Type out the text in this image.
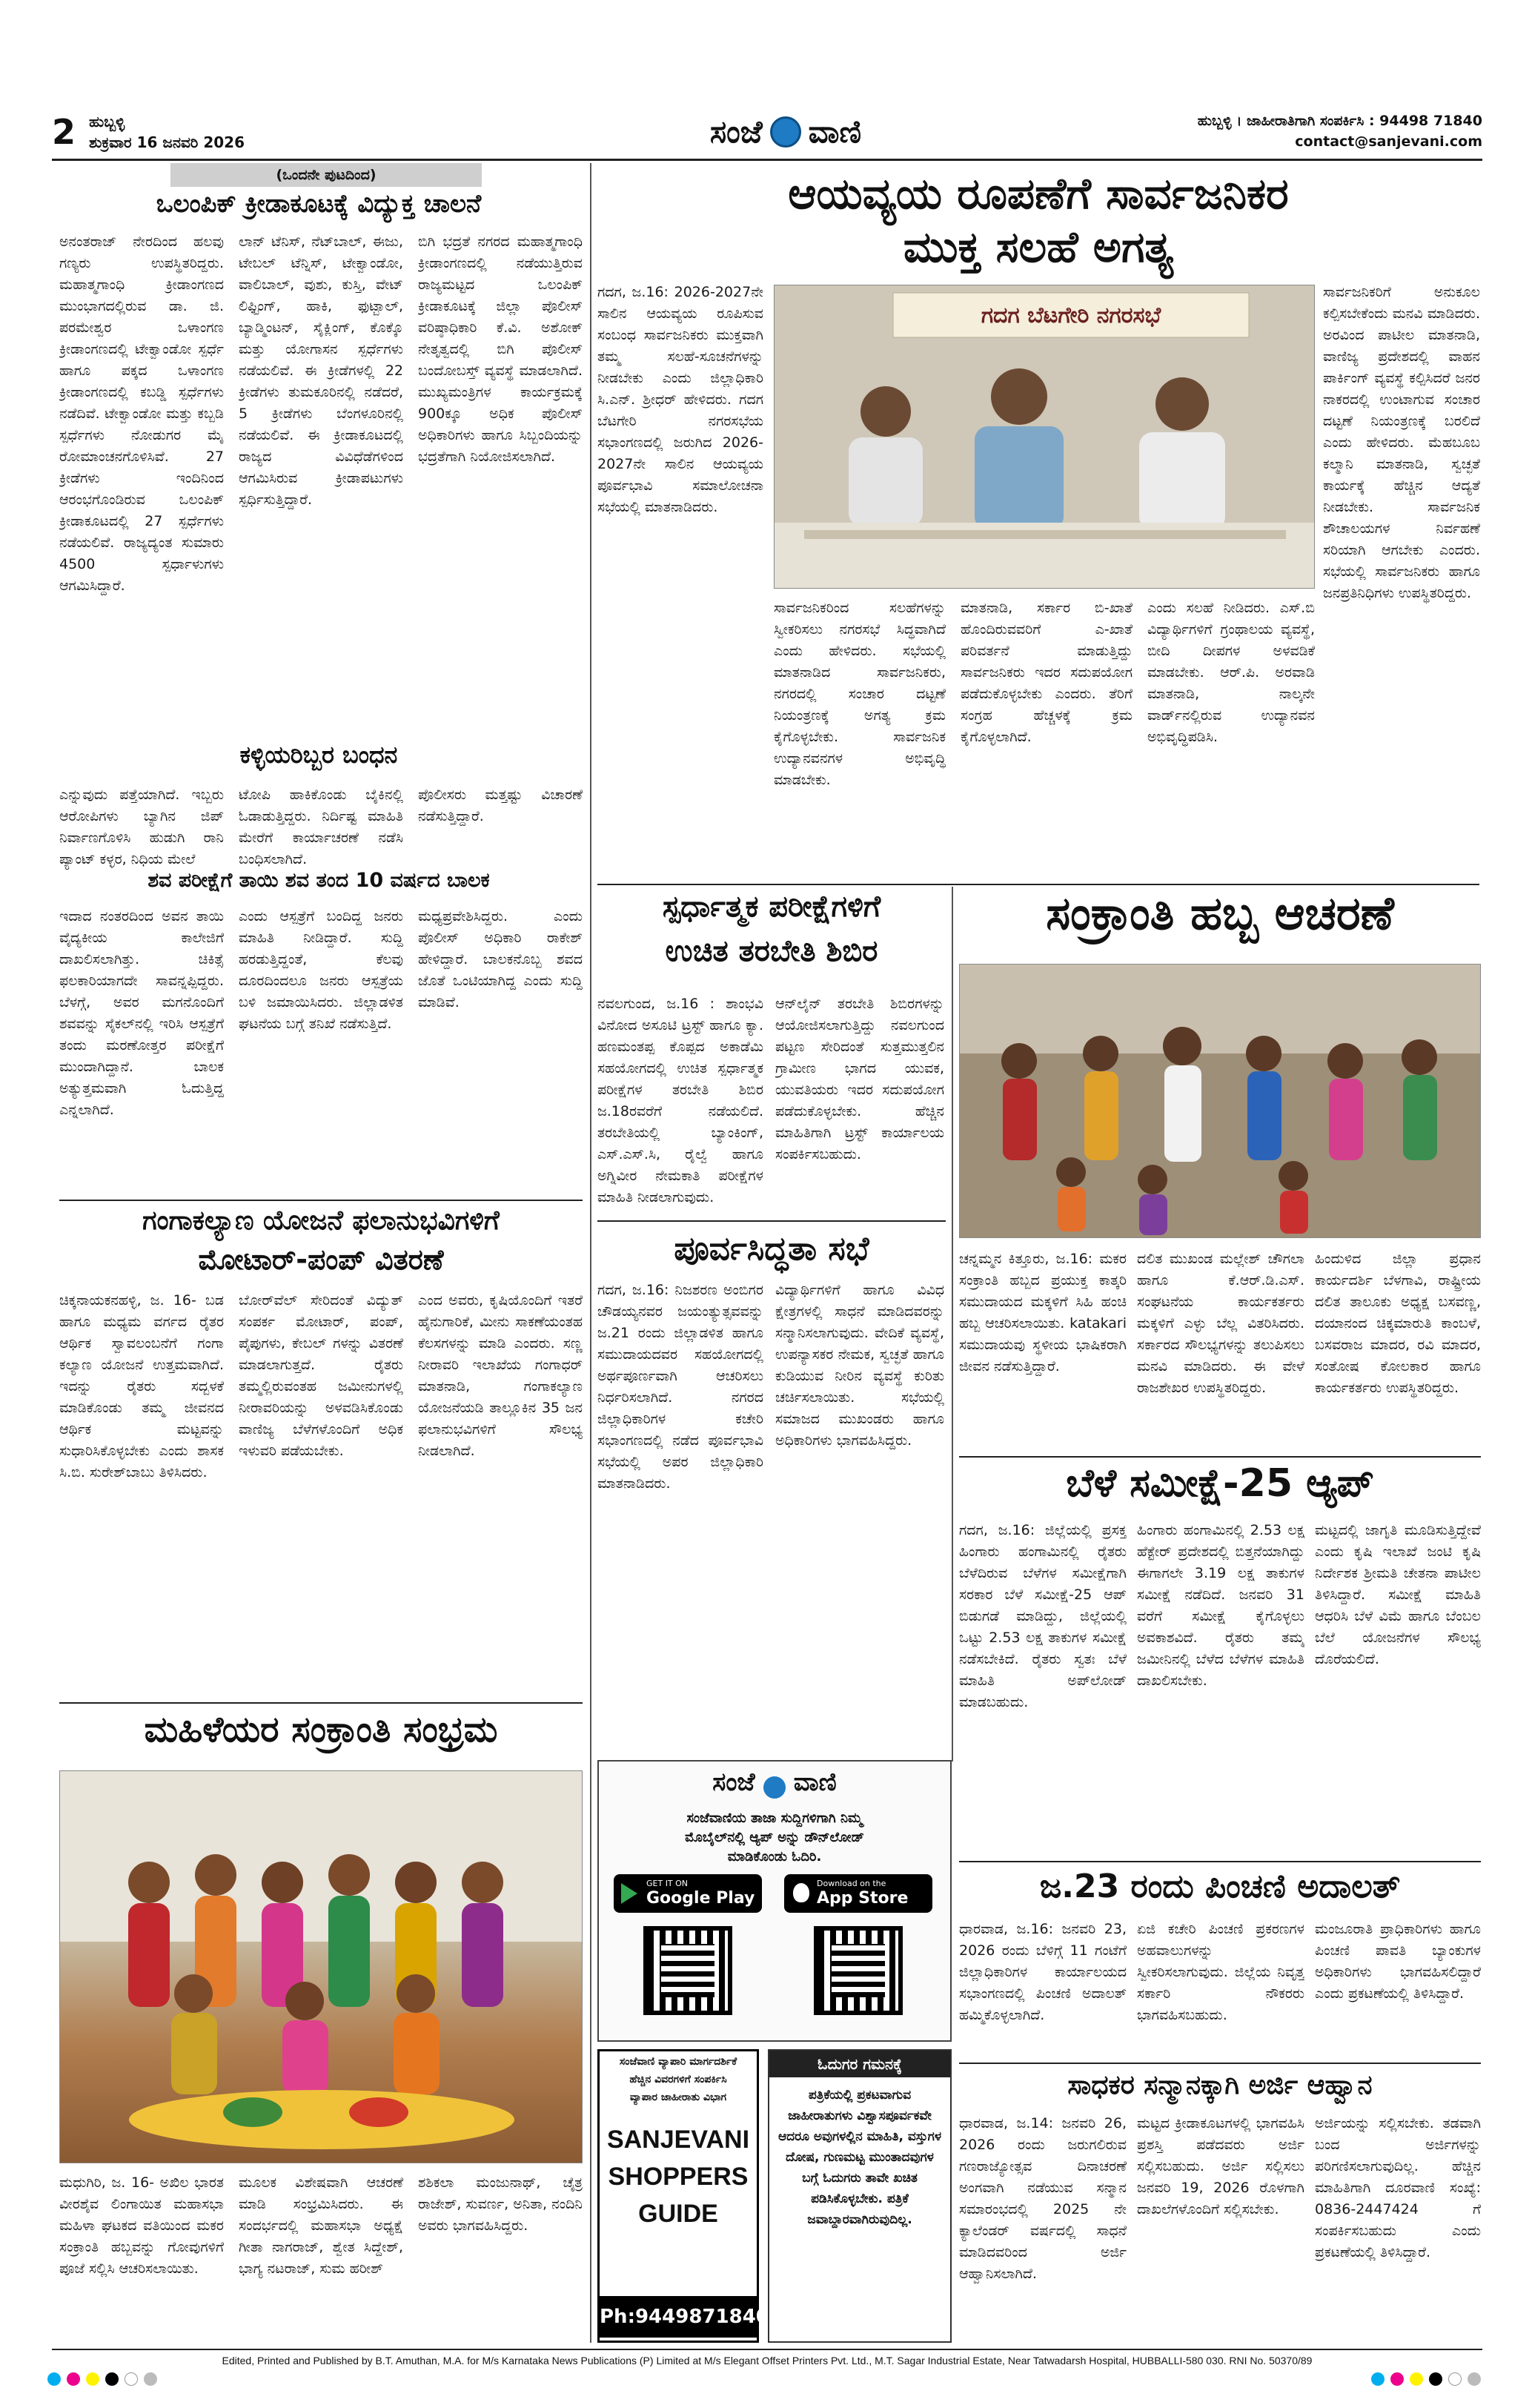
2 ಹುಬ್ಬಳ್ಳಿ
ಶುಕ್ರವಾರ 16 ಜನವರಿ 2026	ಸಂಜೆ ವಾಣಿ	ಹುಬ್ಬಳ್ಳಿ । ಜಾಹೀರಾತಿಗಾಗಿ ಸಂಪರ್ಕಿಸಿ : 94498 71840
contact@sanjevani.com
(ಒಂದನೇ ಪುಟದಿಂದ)
ಒಲಂಪಿಕ್ ಕ್ರೀಡಾಕೂಟಕ್ಕೆ ವಿದ್ಯುಕ್ತ ಚಾಲನೆ
ಅನಂತರಾಜ್ ನೇರದಿಂದ ಹಲವು ಗಣ್ಯರು ಉಪಸ್ಥಿತರಿದ್ದರು. ಮಹಾತ್ಮಗಾಂಧಿ ಕ್ರೀಡಾಂಗಣದ ಮುಂಭಾಗದಲ್ಲಿರುವ ಡಾ. ಜಿ. ಪರಮೇಶ್ವರ ಒಳಾಂಗಣ ಕ್ರೀಡಾಂಗಣದಲ್ಲಿ ಟೇಕ್ವಾಂಡೋ ಸ್ಪರ್ಧೆ ಹಾಗೂ ಪಕ್ಕದ ಒಳಾಂಗಣ ಕ್ರೀಡಾಂಗಣದಲ್ಲಿ ಕಬಡ್ಡಿ ಸ್ಪರ್ಧೆಗಳು ನಡೆದಿವೆ. ಟೇಕ್ವಾಂಡೋ ಮತ್ತು ಕಬ್ಬಡಿ ಸ್ಪರ್ಧೆಗಳು ನೋಡುಗರ ಮೈ ರೋಮಾಂಚನಗೊಳಿಸಿವೆ. 27 ಕ್ರೀಡೆಗಳು ಇಂದಿನಿಂದ ಆರಂಭಗೊಂಡಿರುವ ಒಲಂಪಿಕ್ ಕ್ರೀಡಾಕೂಟದಲ್ಲಿ 27 ಸ್ಪರ್ಧೆಗಳು ನಡೆಯಲಿವೆ. ರಾಜ್ಯದ್ಯಂತ ಸುಮಾರು 4500 ಸ್ಪರ್ಧಾಳುಗಳು ಆಗಮಿಸಿದ್ದಾರೆ.
ಲಾನ್ ಟೆನಿಸ್, ನೆಟ್‌ಬಾಲ್, ಈಜು, ಟೇಬಲ್ ಟೆನ್ನಿಸ್, ಟೇಕ್ವಾಂಡೋ, ವಾಲಿಬಾಲ್, ವುಶು, ಕುಸ್ತಿ, ವೇಟ್ ಲಿಫ್ಟಿಂಗ್, ಹಾಕಿ, ಫುಟ್ಬಾಲ್, ಬ್ಯಾಡ್ಮಿಂಟನ್, ಸೈಕ್ಲಿಂಗ್, ಕೊಕ್ಕೊ ಮತ್ತು ಯೋಗಾಸನ ಸ್ಪರ್ಧೆಗಳು ನಡೆಯಲಿವೆ. ಈ ಕ್ರೀಡೆಗಳಲ್ಲಿ 22 ಕ್ರೀಡೆಗಳು ತುಮಕೂರಿನಲ್ಲಿ ನಡೆದರೆ, 5 ಕ್ರೀಡೆಗಳು ಬೆಂಗಳೂರಿನಲ್ಲಿ ನಡೆಯಲಿವೆ. ಈ ಕ್ರೀಡಾಕೂಟದಲ್ಲಿ ರಾಜ್ಯದ ವಿವಿಧೆಡೆಗಳಿಂದ ಆಗಮಿಸಿರುವ ಕ್ರೀಡಾಪಟುಗಳು ಸ್ಪರ್ಧಿಸುತ್ತಿದ್ದಾರೆ.
ಬಿಗಿ ಭದ್ರತೆ ನಗರದ ಮಹಾತ್ಮಗಾಂಧಿ ಕ್ರೀಡಾಂಗಣದಲ್ಲಿ ನಡೆಯುತ್ತಿರುವ ರಾಜ್ಯಮಟ್ಟದ ಒಲಂಪಿಕ್ ಕ್ರೀಡಾಕೂಟಕ್ಕೆ ಜಿಲ್ಲಾ ಪೊಲೀಸ್ ವರಿಷ್ಠಾಧಿಕಾರಿ ಕೆ.ವಿ. ಅಶೋಕ್ ನೇತೃತ್ವದಲ್ಲಿ ಬಿಗಿ ಪೊಲೀಸ್ ಬಂದೋಬಸ್ತ್ ವ್ಯವಸ್ಥೆ ಮಾಡಲಾಗಿದೆ. ಮುಖ್ಯಮಂತ್ರಿಗಳ ಕಾರ್ಯಕ್ರಮಕ್ಕೆ 900ಕ್ಕೂ ಅಧಿಕ ಪೊಲೀಸ್ ಅಧಿಕಾರಿಗಳು ಹಾಗೂ ಸಿಬ್ಬಂದಿಯನ್ನು ಭದ್ರತೆಗಾಗಿ ನಿಯೋಜಿಸಲಾಗಿದೆ.
ಕಳ್ಳಿಯರಿಬ್ಬರ ಬಂಧನ
ಎನ್ನುವುದು ಪತ್ತೆಯಾಗಿದೆ. ಇಬ್ಬರು ಆರೋಪಿಗಳು ಬ್ಯಾಗಿನ ಜಿಪ್ ನಿರ್ವಾಣಗೊಳಿಸಿ ಹುಡುಗಿ ರಾನಿ ಪ್ಯಾಂಟ್ ಕಳ್ಳರ, ನಿಧಿಯ ಮೇಲೆ
ಟೋಪಿ ಹಾಕಿಕೊಂಡು ಬೈಕಿನಲ್ಲಿ ಓಡಾಡುತ್ತಿದ್ದರು. ನಿರ್ದಿಷ್ಟ ಮಾಹಿತಿ ಮೇರೆಗೆ ಕಾರ್ಯಾಚರಣೆ ನಡೆಸಿ ಬಂಧಿಸಲಾಗಿದೆ.
ಪೊಲೀಸರು ಮತ್ತಷ್ಟು ವಿಚಾರಣೆ ನಡೆಸುತ್ತಿದ್ದಾರೆ.
ಶವ ಪರೀಕ್ಷೆಗೆ ತಾಯಿ ಶವ ತಂದ 10 ವರ್ಷದ ಬಾಲಕ
ಇದಾದ ನಂತರದಿಂದ ಅವನ ತಾಯಿ ವೈದ್ಯಕೀಯ ಕಾಲೇಜಿಗೆ ದಾಖಲಿಸಲಾಗಿತ್ತು. ಚಿಕಿತ್ಸೆ ಫಲಕಾರಿಯಾಗದೇ ಸಾವನ್ನಪ್ಪಿದ್ದರು. ಬೆಳಗ್ಗೆ, ಅವರ ಮಗನೊಂದಿಗೆ ಶವವನ್ನು ಸೈಕಲ್‌ನಲ್ಲಿ ಇರಿಸಿ ಆಸ್ಪತ್ರೆಗೆ ತಂದು ಮರಣೋತ್ತರ ಪರೀಕ್ಷೆಗೆ ಮುಂದಾಗಿದ್ದಾನೆ. ಬಾಲಕ ಅತ್ಯುತ್ತಮವಾಗಿ ಓದುತ್ತಿದ್ದ ಎನ್ನಲಾಗಿದೆ.
ಎಂದು ಆಸ್ಪತ್ರೆಗೆ ಬಂದಿದ್ದ ಜನರು ಮಾಹಿತಿ ನೀಡಿದ್ದಾರೆ. ಸುದ್ದಿ ಹರಡುತ್ತಿದ್ದಂತೆ, ಕೆಲವು ದೂರದಿಂದಲೂ ಜನರು ಆಸ್ಪತ್ರೆಯ ಬಳಿ ಜಮಾಯಿಸಿದರು. ಜಿಲ್ಲಾಡಳಿತ ಘಟನೆಯ ಬಗ್ಗೆ ತನಿಖೆ ನಡೆಸುತ್ತಿದೆ.
ಮಧ್ಯಪ್ರವೇಶಿಸಿದ್ದರು. ಎಂದು ಪೊಲೀಸ್ ಅಧಿಕಾರಿ ರಾಕೇಶ್ ಹೇಳಿದ್ದಾರೆ. ಬಾಲಕನೊಬ್ಬ ಶವದ ಜೊತೆ ಒಂಟಿಯಾಗಿದ್ದ ಎಂದು ಸುದ್ದಿ ಮಾಡಿವೆ.
ಗಂಗಾಕಲ್ಯಾಣ ಯೋಜನೆ ಫಲಾನುಭವಿಗಳಿಗೆ
ಮೋಟಾರ್-ಪಂಪ್ ವಿತರಣೆ
ಚಿಕ್ಕನಾಯಕನಹಳ್ಳಿ, ಜ. 16- ಬಡ ಹಾಗೂ ಮಧ್ಯಮ ವರ್ಗದ ರೈತರ ಆರ್ಥಿಕ ಸ್ವಾವಲಂಬನೆಗೆ ಗಂಗಾ ಕಲ್ಯಾಣ ಯೋಜನೆ ಉತ್ತಮವಾಗಿದೆ. ಇದನ್ನು ರೈತರು ಸದ್ಬಳಕೆ ಮಾಡಿಕೊಂಡು ತಮ್ಮ ಜೀವನದ ಆರ್ಥಿಕ ಮಟ್ಟವನ್ನು ಸುಧಾರಿಸಿಕೊಳ್ಳಬೇಕು ಎಂದು ಶಾಸಕ ಸಿ.ಬಿ. ಸುರೇಶ್‌ಬಾಬು ತಿಳಿಸಿದರು.
ಬೋರ್‌ವೆಲ್ ಸೇರಿದಂತೆ ವಿದ್ಯುತ್ ಸಂಪರ್ಕ ಮೋಟಾರ್, ಪಂಪ್, ಪೈಪುಗಳು, ಕೇಬಲ್ ಗಳನ್ನು ವಿತರಣೆ ಮಾಡಲಾಗುತ್ತದೆ. ರೈತರು ತಮ್ಮಲ್ಲಿರುವಂತಹ ಜಮೀನುಗಳಲ್ಲಿ ನೀರಾವರಿಯನ್ನು ಅಳವಡಿಸಿಕೊಂಡು ವಾಣಿಜ್ಯ ಬೆಳೆಗಳೊಂದಿಗೆ ಅಧಿಕ ಇಳುವರಿ ಪಡೆಯಬೇಕು.
ಎಂದ ಅವರು, ಕೃಷಿಯೊಂದಿಗೆ ಇತರೆ ಹೈನುಗಾರಿಕೆ, ಮೀನು ಸಾಕಣೆಯಂತಹ ಕೆಲಸಗಳನ್ನು ಮಾಡಿ ಎಂದರು. ಸಣ್ಣ ನೀರಾವರಿ ಇಲಾಖೆಯ ಗಂಗಾಧರ್ ಮಾತನಾಡಿ, ಗಂಗಾಕಲ್ಯಾಣ ಯೋಜನೆಯಡಿ ತಾಲ್ಲೂಕಿನ 35 ಜನ ಫಲಾನುಭವಿಗಳಿಗೆ ಸೌಲಭ್ಯ ನೀಡಲಾಗಿದೆ.
ಮಹಿಳೆಯರ ಸಂಕ್ರಾಂತಿ ಸಂಭ್ರಮ
ಮಧುಗಿರಿ, ಜ. 16- ಅಖಿಲ ಭಾರತ ವೀರಶೈವ ಲಿಂಗಾಯಿತ ಮಹಾಸಭಾ ಮಹಿಳಾ ಘಟಕದ ವತಿಯಿಂದ ಮಕರ ಸಂಕ್ರಾಂತಿ ಹಬ್ಬವನ್ನು ಗೋವುಗಳಿಗೆ ಪೂಜೆ ಸಲ್ಲಿಸಿ ಆಚರಿಸಲಾಯಿತು.
ಮೂಲಕ ವಿಶೇಷವಾಗಿ ಆಚರಣೆ ಮಾಡಿ ಸಂಭ್ರಮಿಸಿದರು. ಈ ಸಂದರ್ಭದಲ್ಲಿ ಮಹಾಸಭಾ ಅಧ್ಯಕ್ಷೆ ಗೀತಾ ನಾಗರಾಜ್, ಶ್ವೇತ ಸಿದ್ದೇಶ್, ಭಾಗ್ಯ ನಟರಾಜ್, ಸುಮ ಹರೀಶ್
ಶಶಿಕಲಾ ಮಂಜುನಾಥ್, ಚೈತ್ರ ರಾಜೇಶ್, ಸುವರ್ಣ, ಅನಿತಾ, ನಂದಿನಿ ಅವರು ಭಾಗವಹಿಸಿದ್ದರು.
ಆಯವ್ಯಯ ರೂಪಣೆಗೆ ಸಾರ್ವಜನಿಕರ
ಮುಕ್ತ ಸಲಹೆ ಅಗತ್ಯ
ಗದಗ, ಜ.16: 2026-2027ನೇ ಸಾಲಿನ ಆಯವ್ಯಯ ರೂಪಿಸುವ ಸಂಬಂಧ ಸಾರ್ವಜನಿಕರು ಮುಕ್ತವಾಗಿ ತಮ್ಮ ಸಲಹೆ-ಸೂಚನೆಗಳನ್ನು ನೀಡಬೇಕು ಎಂದು ಜಿಲ್ಲಾಧಿಕಾರಿ ಸಿ.ಎನ್. ಶ್ರೀಧರ್ ಹೇಳಿದರು. ಗದಗ ಬೆಟಗೇರಿ ನಗರಸಭೆಯ ಸಭಾಂಗಣದಲ್ಲಿ ಜರುಗಿದ 2026-2027ನೇ ಸಾಲಿನ ಆಯವ್ಯಯ ಪೂರ್ವಭಾವಿ ಸಮಾಲೋಚನಾ ಸಭೆಯಲ್ಲಿ ಮಾತನಾಡಿದರು.
ಗದಗ ಬೆಟಗೇರಿ ನಗರಸಭೆ
ಸಾರ್ವಜನಿಕರಿಗೆ ಅನುಕೂಲ ಕಲ್ಪಿಸಬೇಕೆಂದು ಮನವಿ ಮಾಡಿದರು. ಅರವಿಂದ ಪಾಟೀಲ ಮಾತನಾಡಿ, ವಾಣಿಜ್ಯ ಪ್ರದೇಶದಲ್ಲಿ ವಾಹನ ಪಾರ್ಕಿಂಗ್ ವ್ಯವಸ್ಥೆ ಕಲ್ಪಿಸಿದರೆ ಜನರ ನಾಕರದಲ್ಲಿ ಉಂಟಾಗುವ ಸಂಚಾರ ದಟ್ಟಣೆ ನಿಯಂತ್ರಣಕ್ಕೆ ಬರಲಿದೆ ಎಂದು ಹೇಳಿದರು. ಮೆಹಬೂಬ ಕಲ್ಮಾನಿ ಮಾತನಾಡಿ, ಸ್ವಚ್ಛತೆ ಕಾರ್ಯಕ್ಕೆ ಹೆಚ್ಚಿನ ಆದ್ಯತೆ ನೀಡಬೇಕು. ಸಾರ್ವಜನಿಕ ಶೌಚಾಲಯಗಳ ನಿರ್ವಹಣೆ ಸರಿಯಾಗಿ ಆಗಬೇಕು ಎಂದರು. ಸಭೆಯಲ್ಲಿ ಸಾರ್ವಜನಿಕರು ಹಾಗೂ ಜನಪ್ರತಿನಿಧಿಗಳು ಉಪಸ್ಥಿತರಿದ್ದರು.
ಸಾರ್ವಜನಿಕರಿಂದ ಸಲಹೆಗಳನ್ನು ಸ್ವೀಕರಿಸಲು ನಗರಸಭೆ ಸಿದ್ಧವಾಗಿದೆ ಎಂದು ಹೇಳಿದರು. ಸಭೆಯಲ್ಲಿ ಮಾತನಾಡಿದ ಸಾರ್ವಜನಿಕರು, ನಗರದಲ್ಲಿ ಸಂಚಾರ ದಟ್ಟಣೆ ನಿಯಂತ್ರಣಕ್ಕೆ ಅಗತ್ಯ ಕ್ರಮ ಕೈಗೊಳ್ಳಬೇಕು. ಸಾರ್ವಜನಿಕ ಉದ್ಯಾನವನಗಳ ಅಭಿವೃದ್ಧಿ ಮಾಡಬೇಕು.
ಮಾತನಾಡಿ, ಸರ್ಕಾರ ಬಿ-ಖಾತೆ ಹೊಂದಿರುವವರಿಗೆ ಎ-ಖಾತೆ ಪರಿವರ್ತನೆ ಮಾಡುತ್ತಿದ್ದು ಸಾರ್ವಜನಿಕರು ಇದರ ಸದುಪಯೋಗ ಪಡೆದುಕೊಳ್ಳಬೇಕು ಎಂದರು. ತೆರಿಗೆ ಸಂಗ್ರಹ ಹೆಚ್ಚಳಕ್ಕೆ ಕ್ರಮ ಕೈಗೊಳ್ಳಲಾಗಿದೆ.
ಎಂದು ಸಲಹೆ ನೀಡಿದರು. ಎಸ್.ಬಿ ವಿದ್ಯಾರ್ಥಿಗಳಿಗೆ ಗ್ರಂಥಾಲಯ ವ್ಯವಸ್ಥೆ, ಬೀದಿ ದೀಪಗಳ ಅಳವಡಿಕೆ ಮಾಡಬೇಕು. ಆರ್.ಪಿ. ಅರವಾಡಿ ಮಾತನಾಡಿ, ನಾಲ್ಕನೇ ವಾರ್ಡ್‌ನಲ್ಲಿರುವ ಉದ್ಯಾನವನ ಅಭಿವೃದ್ಧಿಪಡಿಸಿ.
ಸ್ಪರ್ಧಾತ್ಮಕ ಪರೀಕ್ಷೆಗಳಿಗೆ
ಉಚಿತ ತರಬೇತಿ ಶಿಬಿರ
ನವಲಗುಂದ, ಜ.16 : ಶಾಂಭವಿ ವಿನೋದ ಅಸೂಟಿ ಟ್ರಸ್ಟ್ ಹಾಗೂ ಕ್ಯಾ. ಹಣಮಂತಪ್ಪ ಕೊಪ್ಪದ ಅಕಾಡೆಮಿ ಸಹಯೋಗದಲ್ಲಿ ಉಚಿತ ಸ್ಪರ್ಧಾತ್ಮಕ ಪರೀಕ್ಷೆಗಳ ತರಬೇತಿ ಶಿಬಿರ ಜ.18ರವರೆಗೆ ನಡೆಯಲಿದೆ. ತರಬೇತಿಯಲ್ಲಿ ಬ್ಯಾಂಕಿಂಗ್, ಎಸ್.ಎಸ್.ಸಿ, ರೈಲ್ವೆ ಹಾಗೂ ಅಗ್ನಿವೀರ ನೇಮಕಾತಿ ಪರೀಕ್ಷೆಗಳ ಮಾಹಿತಿ ನೀಡಲಾಗುವುದು.
ಆನ್‌ಲೈನ್ ತರಬೇತಿ ಶಿಬಿರಗಳನ್ನು ಆಯೋಜಿಸಲಾಗುತ್ತಿದ್ದು ನವಲಗುಂದ ಪಟ್ಟಣ ಸೇರಿದಂತೆ ಸುತ್ತಮುತ್ತಲಿನ ಗ್ರಾಮೀಣ ಭಾಗದ ಯುವಕ, ಯುವತಿಯರು ಇದರ ಸದುಪಯೋಗ ಪಡೆದುಕೊಳ್ಳಬೇಕು. ಹೆಚ್ಚಿನ ಮಾಹಿತಿಗಾಗಿ ಟ್ರಸ್ಟ್ ಕಾರ್ಯಾಲಯ ಸಂಪರ್ಕಿಸಬಹುದು.
ಪೂರ್ವಸಿದ್ಧತಾ ಸಭೆ
ಗದಗ, ಜ.16: ನಿಜಶರಣ ಅಂಬಿಗರ ಚೌಡಯ್ಯನವರ ಜಯಂತ್ಯುತ್ಸವವನ್ನು ಜ.21 ರಂದು ಜಿಲ್ಲಾಡಳಿತ ಹಾಗೂ ಸಮುದಾಯದವರ ಸಹಯೋಗದಲ್ಲಿ ಅರ್ಥಪೂರ್ಣವಾಗಿ ಆಚರಿಸಲು ನಿರ್ಧರಿಸಲಾಗಿದೆ. ನಗರದ ಜಿಲ್ಲಾಧಿಕಾರಿಗಳ ಕಚೇರಿ ಸಭಾಂಗಣದಲ್ಲಿ ನಡೆದ ಪೂರ್ವಭಾವಿ ಸಭೆಯಲ್ಲಿ ಅಪರ ಜಿಲ್ಲಾಧಿಕಾರಿ ಮಾತನಾಡಿದರು.
ವಿದ್ಯಾರ್ಥಿಗಳಿಗೆ ಹಾಗೂ ವಿವಿಧ ಕ್ಷೇತ್ರಗಳಲ್ಲಿ ಸಾಧನೆ ಮಾಡಿದವರನ್ನು ಸನ್ಮಾನಿಸಲಾಗುವುದು. ವೇದಿಕೆ ವ್ಯವಸ್ಥೆ, ಉಪನ್ಯಾಸಕರ ನೇಮಕ, ಸ್ವಚ್ಛತೆ ಹಾಗೂ ಕುಡಿಯುವ ನೀರಿನ ವ್ಯವಸ್ಥೆ ಕುರಿತು ಚರ್ಚಿಸಲಾಯಿತು. ಸಭೆಯಲ್ಲಿ ಸಮಾಜದ ಮುಖಂಡರು ಹಾಗೂ ಅಧಿಕಾರಿಗಳು ಭಾಗವಹಿಸಿದ್ದರು.
ಸಂಕ್ರಾಂತಿ ಹಬ್ಬ ಆಚರಣೆ
ಚನ್ನಮ್ಮನ ಕಿತ್ತೂರು, ಜ.16: ಮಕರ ಸಂಕ್ರಾಂತಿ ಹಬ್ಬದ ಪ್ರಯುಕ್ತ ಕಾತ್ಕರಿ ಸಮುದಾಯದ ಮಕ್ಕಳಿಗೆ ಸಿಹಿ ಹಂಚಿ ಹಬ್ಬ ಆಚರಿಸಲಾಯಿತು. katakari ಸಮುದಾಯವು ಸ್ಥಳೀಯ ಭಾಷಿಕರಾಗಿ ಜೀವನ ನಡೆಸುತ್ತಿದ್ದಾರೆ.
ದಲಿತ ಮುಖಂಡ ಮಲ್ಲೇಶ್ ಚೌಗಲಾ ಹಾಗೂ ಕೆ.ಆರ್.ಡಿ.ಎಸ್. ಸಂಘಟನೆಯ ಕಾರ್ಯಕರ್ತರು ಮಕ್ಕಳಿಗೆ ಎಳ್ಳು ಬೆಲ್ಲ ವಿತರಿಸಿದರು. ಸರ್ಕಾರದ ಸೌಲಭ್ಯಗಳನ್ನು ತಲುಪಿಸಲು ಮನವಿ ಮಾಡಿದರು. ಈ ವೇಳೆ ರಾಜಶೇಖರ ಉಪಸ್ಥಿತರಿದ್ದರು.
ಹಿಂದುಳಿದ ಜಿಲ್ಲಾ ಪ್ರಧಾನ ಕಾರ್ಯದರ್ಶಿ ಬೆಳಗಾವಿ, ರಾಷ್ಟ್ರೀಯ ದಲಿತ ತಾಲೂಕು ಅಧ್ಯಕ್ಷ ಬಸವಣ್ಣ, ದಯಾನಂದ ಚಿಕ್ಕಮಾರುತಿ ಕಾಂಬಳೆ, ಬಸವರಾಜ ಮಾದರ, ರವಿ ಮಾದರ, ಸಂತೋಷ ಕೋಲಕಾರ ಹಾಗೂ ಕಾರ್ಯಕರ್ತರು ಉಪಸ್ಥಿತರಿದ್ದರು.
ಬೆಳೆ ಸಮೀಕ್ಷೆ-25 ಆ್ಯಪ್
ಗದಗ, ಜ.16: ಜಿಲ್ಲೆಯಲ್ಲಿ ಪ್ರಸಕ್ತ ಹಿಂಗಾರು ಹಂಗಾಮಿನಲ್ಲಿ ರೈತರು ಬೆಳೆದಿರುವ ಬೆಳೆಗಳ ಸಮೀಕ್ಷೆಗಾಗಿ ಸರಕಾರ ಬೆಳೆ ಸಮೀಕ್ಷೆ-25 ಆಪ್ ಬಿಡುಗಡೆ ಮಾಡಿದ್ದು, ಜಿಲ್ಲೆಯಲ್ಲಿ ಒಟ್ಟು 2.53 ಲಕ್ಷ ತಾಕುಗಳ ಸಮೀಕ್ಷೆ ನಡೆಸಬೇಕಿದೆ. ರೈತರು ಸ್ವತಃ ಬೆಳೆ ಮಾಹಿತಿ ಅಪ್‌ಲೋಡ್ ಮಾಡಬಹುದು.
ಹಿಂಗಾರು ಹಂಗಾಮಿನಲ್ಲಿ 2.53 ಲಕ್ಷ ಹೆಕ್ಟೇರ್ ಪ್ರದೇಶದಲ್ಲಿ ಬಿತ್ತನೆಯಾಗಿದ್ದು ಈಗಾಗಲೇ 3.19 ಲಕ್ಷ ತಾಕುಗಳ ಸಮೀಕ್ಷೆ ನಡೆದಿದೆ. ಜನವರಿ 31 ವರೆಗೆ ಸಮೀಕ್ಷೆ ಕೈಗೊಳ್ಳಲು ಅವಕಾಶವಿದೆ. ರೈತರು ತಮ್ಮ ಜಮೀನಿನಲ್ಲಿ ಬೆಳೆದ ಬೆಳೆಗಳ ಮಾಹಿತಿ ದಾಖಲಿಸಬೇಕು.
ಮಟ್ಟದಲ್ಲಿ ಜಾಗೃತಿ ಮೂಡಿಸುತ್ತಿದ್ದೇವೆ ಎಂದು ಕೃಷಿ ಇಲಾಖೆ ಜಂಟಿ ಕೃಷಿ ನಿರ್ದೇಶಕ ಶ್ರೀಮತಿ ಚೇತನಾ ಪಾಟೀಲ ತಿಳಿಸಿದ್ದಾರೆ. ಸಮೀಕ್ಷೆ ಮಾಹಿತಿ ಆಧರಿಸಿ ಬೆಳೆ ವಿಮೆ ಹಾಗೂ ಬೆಂಬಲ ಬೆಲೆ ಯೋಜನೆಗಳ ಸೌಲಭ್ಯ ದೊರೆಯಲಿದೆ.
ಸಂಜೆ ವಾಣಿ
ಸಂಜೆವಾಣಿಯ ತಾಜಾ ಸುದ್ದಿಗಳಿಗಾಗಿ ನಿಮ್ಮ
ಮೊಬೈಲ್‌ನಲ್ಲಿ ಆ್ಯಪ್ ಅನ್ನು ಡೌನ್‌ಲೋಡ್
ಮಾಡಿಕೊಂಡು ಓದಿರಿ.
GET IT ON
Google Play
Download on the
App Store
ಸಂಜೆವಾಣಿ ವ್ಯಾಪಾರಿ ಮಾರ್ಗದರ್ಶಿಕೆ
ಹೆಚ್ಚಿನ ವಿವರಗಳಿಗೆ ಸಂಪರ್ಕಿಸಿ
ವ್ಯಾಪಾರ ಜಾಹೀರಾತು ವಿಭಾಗ
SANJEVANI
SHOPPERS
GUIDE
Ph:9449871840
ಓದುಗರ ಗಮನಕ್ಕೆ
ಪತ್ರಿಕೆಯಲ್ಲಿ ಪ್ರಕಟವಾಗುವ ಜಾಹೀರಾತುಗಳು ವಿಶ್ವಾಸಪೂರ್ವಕವೇ ಆದರೂ ಅವುಗಳಲ್ಲಿನ ಮಾಹಿತಿ, ವಸ್ತುಗಳ ದೋಷ, ಗುಣಮಟ್ಟ ಮುಂತಾದವುಗಳ ಬಗ್ಗೆ ಓದುಗರು ತಾವೇ ಖಚಿತ ಪಡಿಸಿಕೊಳ್ಳಬೇಕು. ಪತ್ರಿಕೆ ಜವಾಬ್ದಾರವಾಗಿರುವುದಿಲ್ಲ.
ಜ.23 ರಂದು ಪಿಂಚಣಿ ಅದಾಲತ್
ಧಾರವಾಡ, ಜ.16: ಜನವರಿ 23, 2026 ರಂದು ಬೆಳಿಗ್ಗೆ 11 ಗಂಟೆಗೆ ಜಿಲ್ಲಾಧಿಕಾರಿಗಳ ಕಾರ್ಯಾಲಯದ ಸಭಾಂಗಣದಲ್ಲಿ ಪಿಂಚಣಿ ಅದಾಲತ್ ಹಮ್ಮಿಕೊಳ್ಳಲಾಗಿದೆ.
ಏಜಿ ಕಚೇರಿ ಪಿಂಚಣಿ ಪ್ರಕರಣಗಳ ಅಹವಾಲುಗಳನ್ನು ಸ್ವೀಕರಿಸಲಾಗುವುದು. ಜಿಲ್ಲೆಯ ನಿವೃತ್ತ ಸರ್ಕಾರಿ ನೌಕರರು ಭಾಗವಹಿಸಬಹುದು.
ಮಂಜೂರಾತಿ ಪ್ರಾಧಿಕಾರಿಗಳು ಹಾಗೂ ಪಿಂಚಣಿ ಪಾವತಿ ಬ್ಯಾಂಕುಗಳ ಅಧಿಕಾರಿಗಳು ಭಾಗವಹಿಸಲಿದ್ದಾರೆ ಎಂದು ಪ್ರಕಟಣೆಯಲ್ಲಿ ತಿಳಿಸಿದ್ದಾರೆ.
ಸಾಧಕರ ಸನ್ಮಾನಕ್ಕಾಗಿ ಅರ್ಜಿ ಆಹ್ವಾನ
ಧಾರವಾಡ, ಜ.14: ಜನವರಿ 26, 2026 ರಂದು ಜರುಗಲಿರುವ ಗಣರಾಜ್ಯೋತ್ಸವ ದಿನಾಚರಣೆ ಅಂಗವಾಗಿ ನಡೆಯುವ ಸನ್ಮಾನ ಸಮಾರಂಭದಲ್ಲಿ 2025 ನೇ ಕ್ಯಾಲೆಂಡರ್ ವರ್ಷದಲ್ಲಿ ಸಾಧನೆ ಮಾಡಿದವರಿಂದ ಅರ್ಜಿ ಆಹ್ವಾನಿಸಲಾಗಿದೆ.
ಮಟ್ಟದ ಕ್ರೀಡಾಕೂಟಗಳಲ್ಲಿ ಭಾಗವಹಿಸಿ ಪ್ರಶಸ್ತಿ ಪಡೆದವರು ಅರ್ಜಿ ಸಲ್ಲಿಸಬಹುದು. ಅರ್ಜಿ ಸಲ್ಲಿಸಲು ಜನವರಿ 19, 2026 ರೊಳಗಾಗಿ ದಾಖಲೆಗಳೊಂದಿಗೆ ಸಲ್ಲಿಸಬೇಕು.
ಅರ್ಜಿಯನ್ನು ಸಲ್ಲಿಸಬೇಕು. ತಡವಾಗಿ ಬಂದ ಅರ್ಜಿಗಳನ್ನು ಪರಿಗಣಿಸಲಾಗುವುದಿಲ್ಲ. ಹೆಚ್ಚಿನ ಮಾಹಿತಿಗಾಗಿ ದೂರವಾಣಿ ಸಂಖ್ಯೆ: 0836-2447424 ಗೆ ಸಂಪರ್ಕಿಸಬಹುದು ಎಂದು ಪ್ರಕಟಣೆಯಲ್ಲಿ ತಿಳಿಸಿದ್ದಾರೆ.
Edited, Printed and Published by B.T. Amuthan, M.A. for M/s Karnataka News Publications (P) Limited at M/s Elegant Offset Printers Pvt. Ltd., M.T. Sagar Industrial Estate, Near Tatwadarsh Hospital, HUBBALLI-580 030. RNI No. 50370/89
